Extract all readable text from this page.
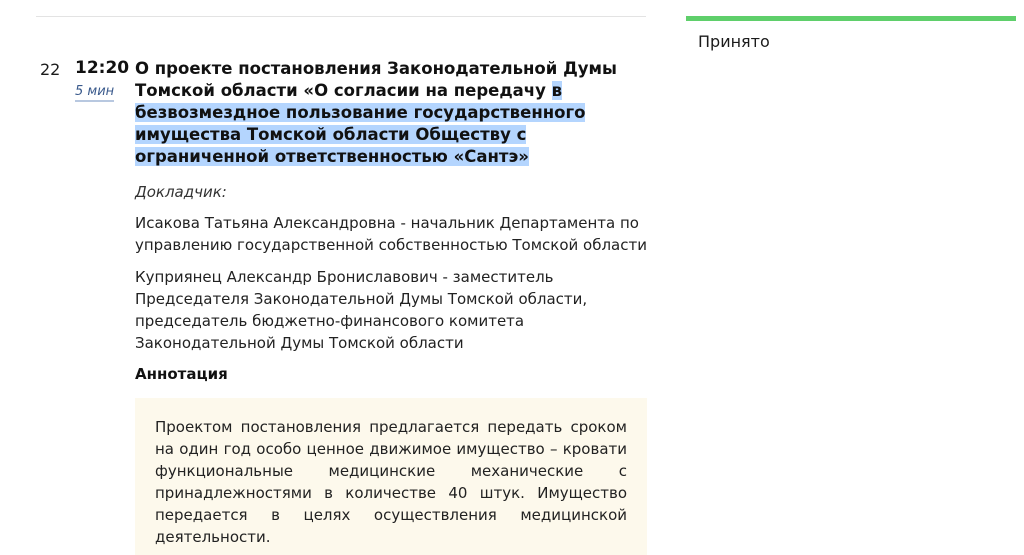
Принято
22 12:20
5 мин
О проекте постановления Законодательной Думы Томской области «О согласии на передачу в безвозмездное пользование государственного имущества Томской области Обществу с ограниченной ответственностью «Сантэ»

Докладчик:

Исакова Татьяна Александровна - начальник Департамента по управлению государственной собственностью Томской области

Куприянец Александр Брониславович - заместитель Председателя Законодательной Думы Томской области, председатель бюджетно-финансового комитета Законодательной Думы Томской области

Аннотация

Проектом постановления предлагается передать сроком на один год особо ценное движимое имущество – кровати функциональные медицинские механические с принадлежностями в количестве 40 штук. Имущество передается в целях осуществления медицинской деятельности.
